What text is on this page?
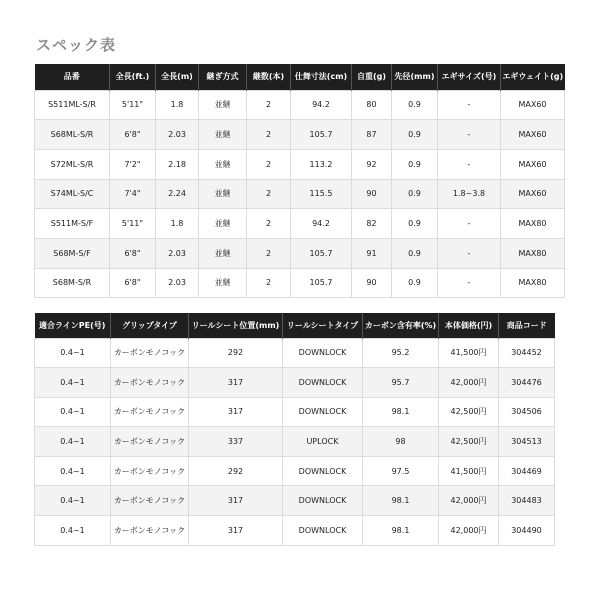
スペック表
品番	全長(ft.)	全長(m)	継ぎ方式	継数(本)	仕舞寸法(cm)	自重(g)	先径(mm)	エギサイズ(号)	エギウェイト(g)
S511ML-S/R	5'11"	1.8	並継	2	94.2	80	0.9	-	MAX60
S68ML-S/R	6'8"	2.03	並継	2	105.7	87	0.9	-	MAX60
S72ML-S/R	7'2"	2.18	並継	2	113.2	92	0.9	-	MAX60
S74ML-S/C	7'4"	2.24	並継	2	115.5	90	0.9	1.8~3.8	MAX60
S511M-S/F	5'11"	1.8	並継	2	94.2	82	0.9	-	MAX80
S68M-S/F	6'8"	2.03	並継	2	105.7	91	0.9	-	MAX80
S68M-S/R	6'8"	2.03	並継	2	105.7	90	0.9	-	MAX80
適合ラインPE(号)	グリップタイプ	リールシート位置(mm)	リールシートタイプ	カーボン含有率(%)	本体価格(円)	商品コード
0.4~1	カーボンモノコック	292	DOWNLOCK	95.2	41,500円	304452
0.4~1	カーボンモノコック	317	DOWNLOCK	95.7	42,000円	304476
0.4~1	カーボンモノコック	317	DOWNLOCK	98.1	42,500円	304506
0.4~1	カーボンモノコック	337	UPLOCK	98	42,500円	304513
0.4~1	カーボンモノコック	292	DOWNLOCK	97.5	41,500円	304469
0.4~1	カーボンモノコック	317	DOWNLOCK	98.1	42,000円	304483
0.4~1	カーボンモノコック	317	DOWNLOCK	98.1	42,000円	304490
